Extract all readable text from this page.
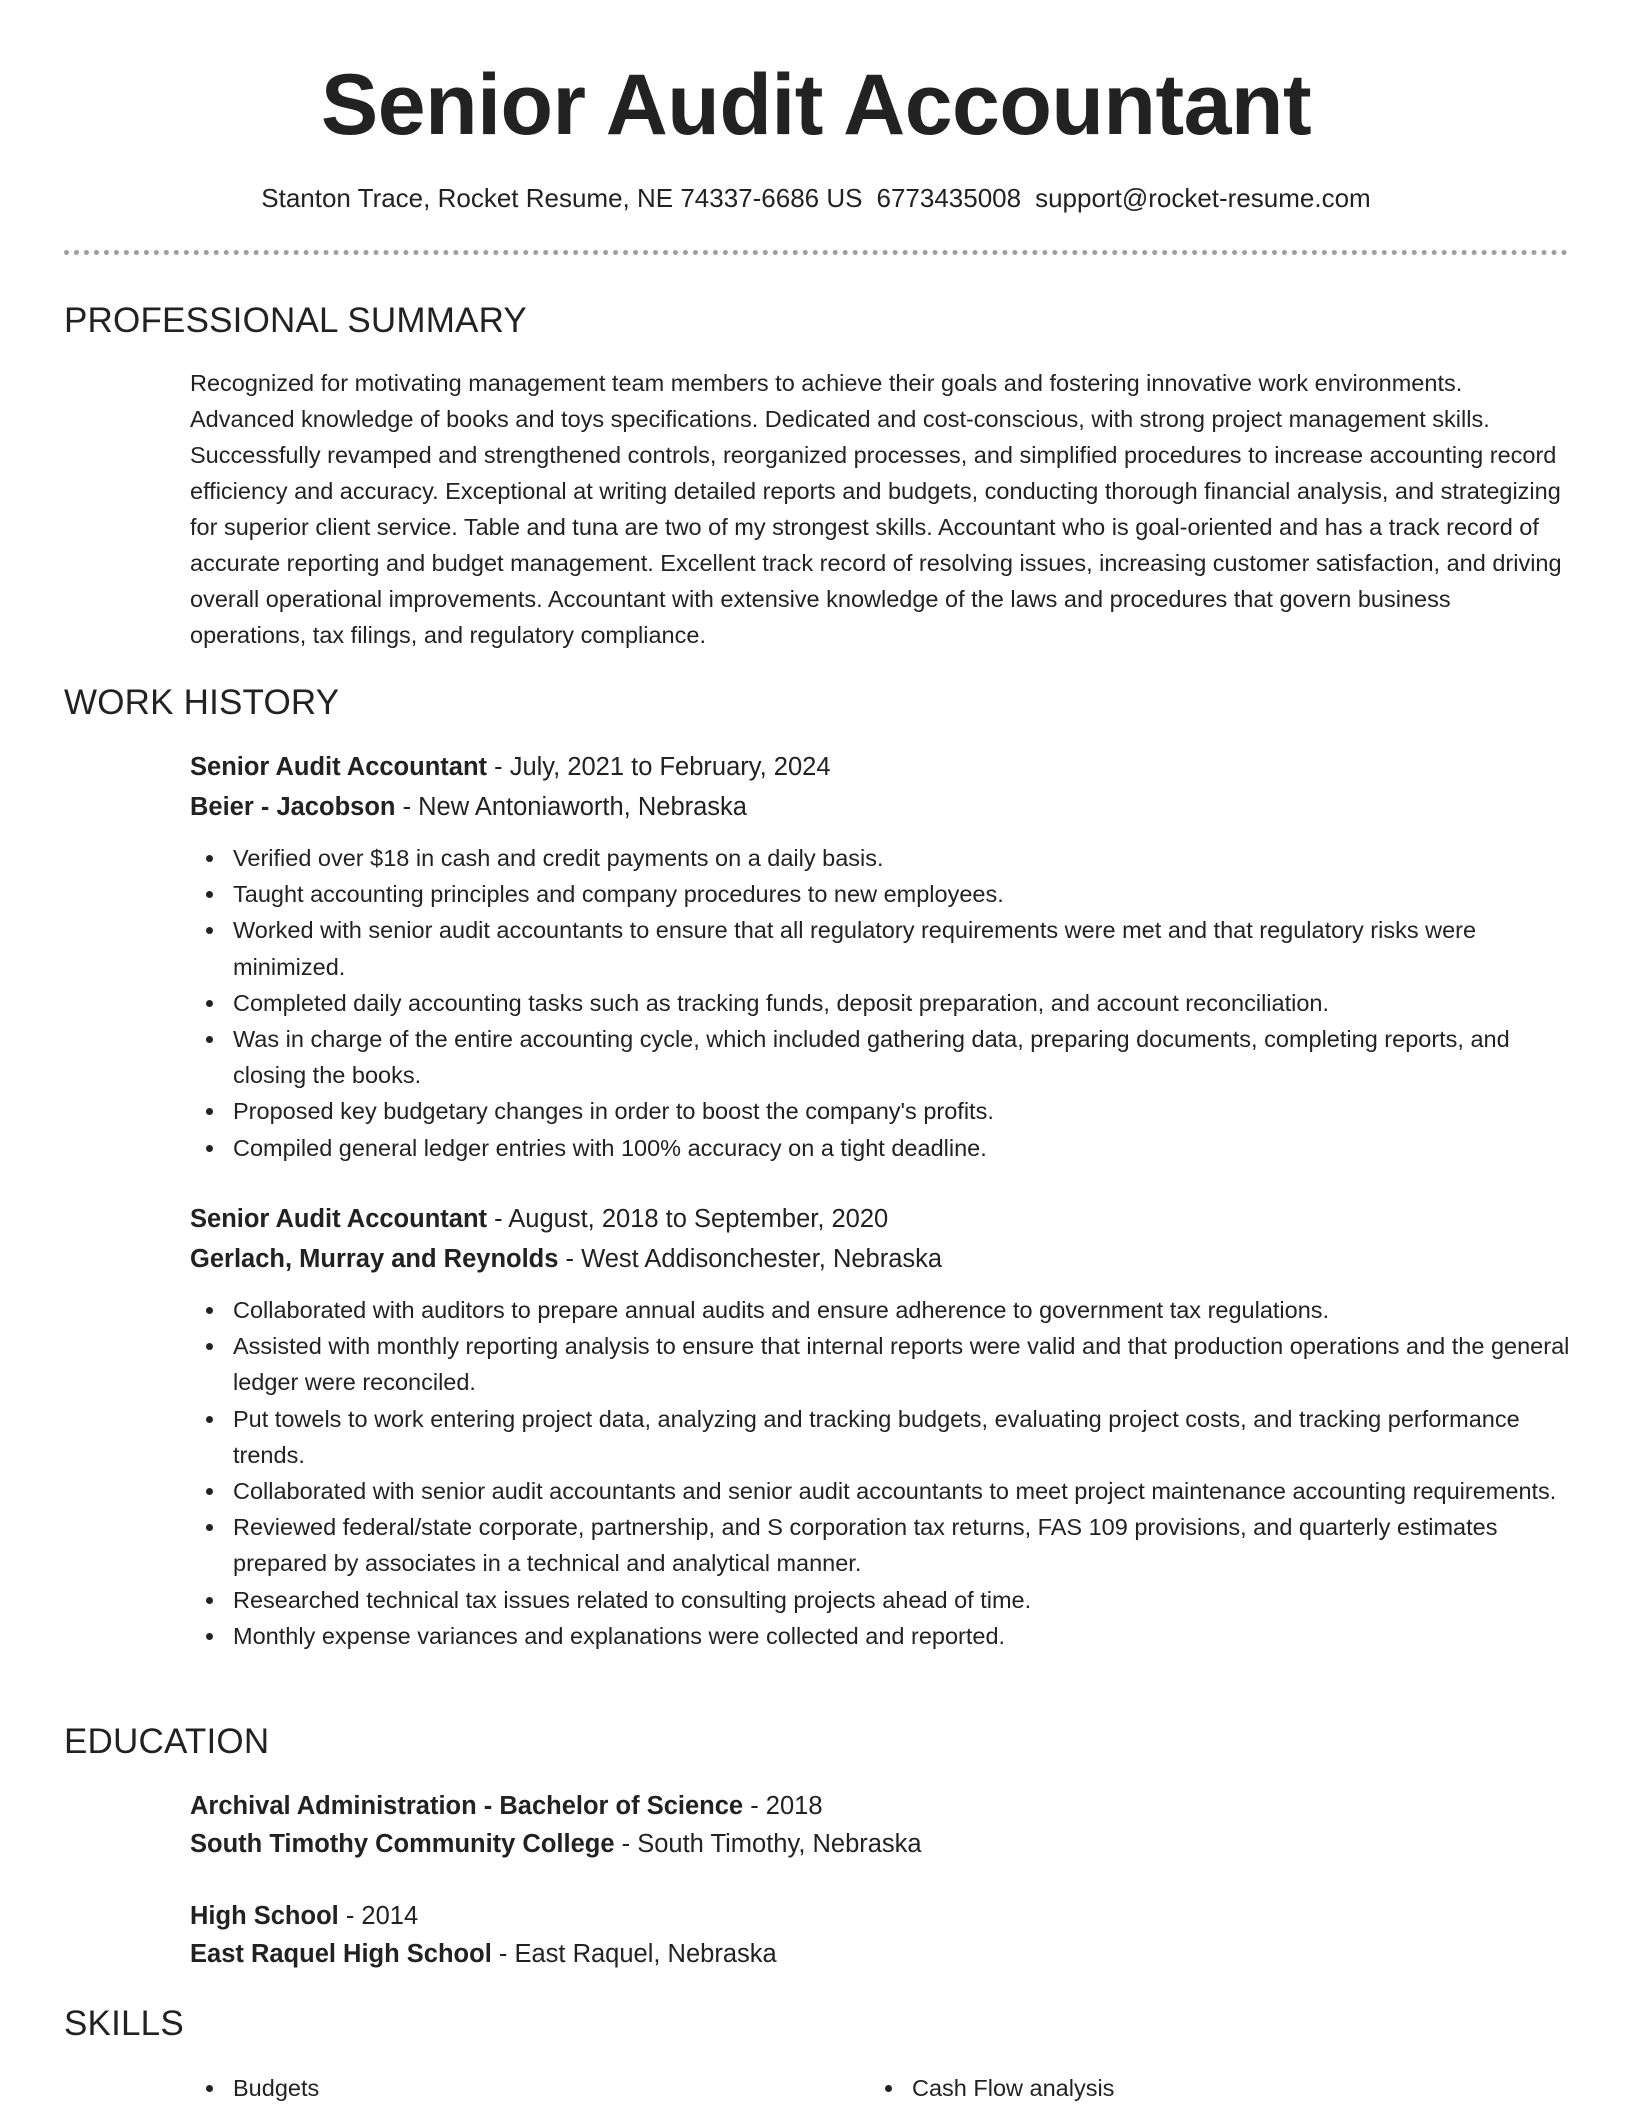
Senior Audit Accountant
Stanton Trace, Rocket Resume, NE 74337-6686 US 6773435008 support@rocket-resume.com
PROFESSIONAL SUMMARY

Recognized for motivating management team members to achieve their goals and fostering innovative work environments. Advanced knowledge of books and toys specifications. Dedicated and cost-conscious, with strong project management skills. Successfully revamped and strengthened controls, reorganized processes, and simplified procedures to increase accounting record efficiency and accuracy. Exceptional at writing detailed reports and budgets, conducting thorough financial analysis, and strategizing for superior client service. Table and tuna are two of my strongest skills. Accountant who is goal-oriented and has a track record of accurate reporting and budget management. Excellent track record of resolving issues, increasing customer satisfaction, and driving overall operational improvements. Accountant with extensive knowledge of the laws and procedures that govern business operations, tax filings, and regulatory compliance.

WORK HISTORY
Senior Audit Accountant - July, 2021 to February, 2024
Beier - Jacobson - New Antoniaworth, Nebraska
Verified over $18 in cash and credit payments on a daily basis.
Taught accounting principles and company procedures to new employees.
Worked with senior audit accountants to ensure that all regulatory requirements were met and that regulatory risks were minimized.
Completed daily accounting tasks such as tracking funds, deposit preparation, and account reconciliation.
Was in charge of the entire accounting cycle, which included gathering data, preparing documents, completing reports, and closing the books.
Proposed key budgetary changes in order to boost the company's profits.
Compiled general ledger entries with 100% accuracy on a tight deadline.
Senior Audit Accountant - August, 2018 to September, 2020
Gerlach, Murray and Reynolds - West Addisonchester, Nebraska
Collaborated with auditors to prepare annual audits and ensure adherence to government tax regulations.
Assisted with monthly reporting analysis to ensure that internal reports were valid and that production operations and the general ledger were reconciled.
Put towels to work entering project data, analyzing and tracking budgets, evaluating project costs, and tracking performance trends.
Collaborated with senior audit accountants and senior audit accountants to meet project maintenance accounting requirements.
Reviewed federal/state corporate, partnership, and S corporation tax returns, FAS 109 provisions, and quarterly estimates prepared by associates in a technical and analytical manner.
Researched technical tax issues related to consulting projects ahead of time.
Monthly expense variances and explanations were collected and reported.
EDUCATION
Archival Administration - Bachelor of Science - 2018
South Timothy Community College - South Timothy, Nebraska
High School - 2014
East Raquel High School - East Raquel, Nebraska
SKILLS
Budgets	Cash Flow analysis
